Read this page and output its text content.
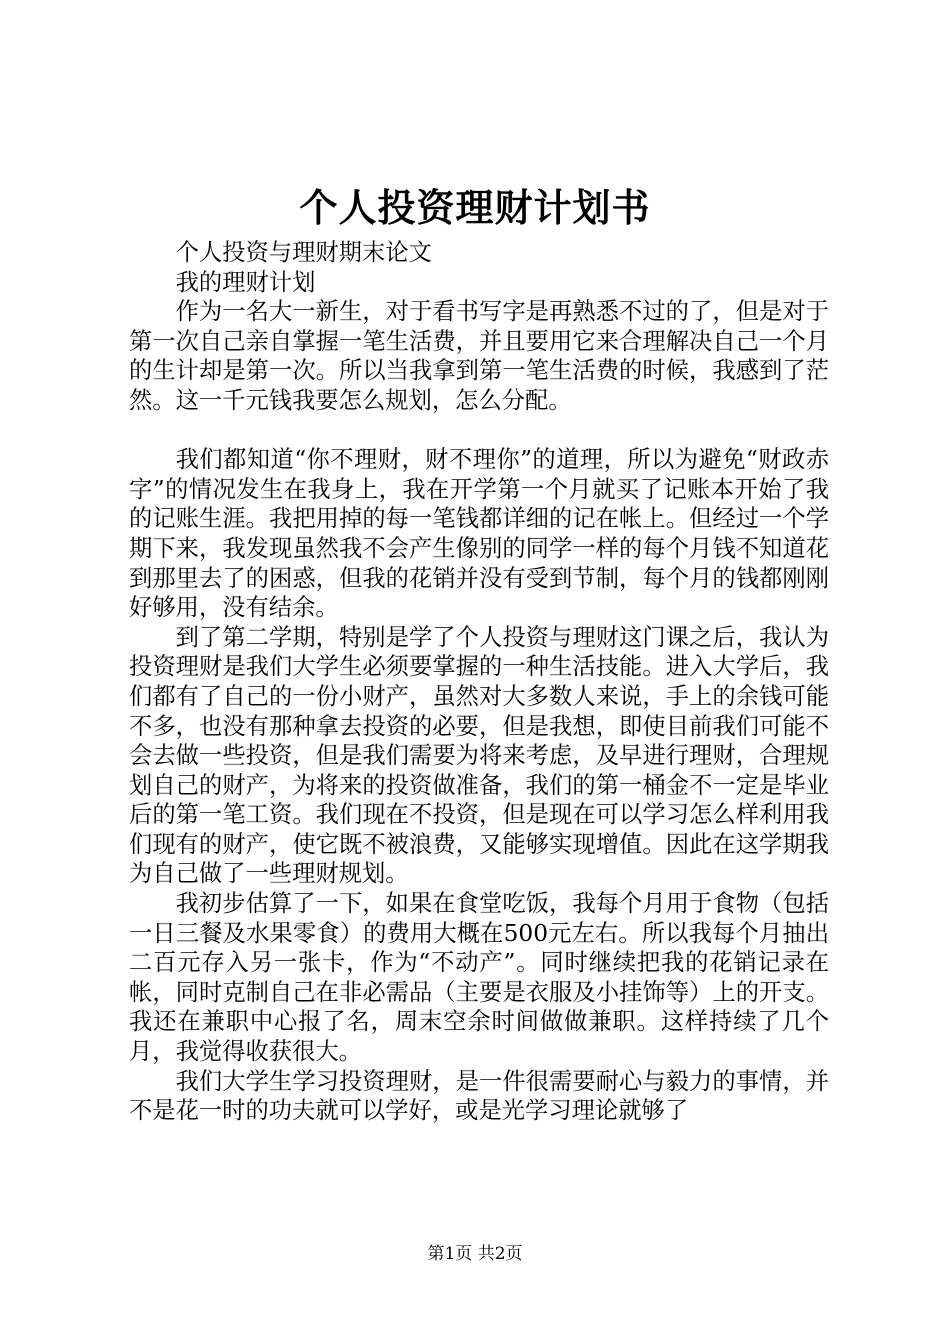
个人投资理财计划书

个人投资与理财期末论文

我的理财计划

作为一名大一新生，对于看书写字是再熟悉不过的了，但是对于第一次自己亲自掌握一笔生活费，并且要用它来合理解决自己一个月的生计却是第一次。所以当我拿到第一笔生活费的时候，我感到了茫然。这一千元钱我要怎么规划，怎么分配。

我们都知道“你不理财，财不理你”的道理，所以为避免“财政赤字”的情况发生在我身上，我在开学第一个月就买了记账本开始了我的记账生涯。我把用掉的每一笔钱都详细的记在帐上。但经过一个学期下来，我发现虽然我不会产生像别的同学一样的每个月钱不知道花到那里去了的困惑，但我的花销并没有受到节制，每个月的钱都刚刚好够用，没有结余。

到了第二学期，特别是学了个人投资与理财这门课之后，我认为投资理财是我们大学生必须要掌握的一种生活技能。进入大学后，我们都有了自己的一份小财产，虽然对大多数人来说，手上的余钱可能不多，也没有那种拿去投资的必要，但是我想，即使目前我们可能不会去做一些投资，但是我们需要为将来考虑，及早进行理财，合理规划自己的财产，为将来的投资做准备，我们的第一桶金不一定是毕业后的第一笔工资。我们现在不投资，但是现在可以学习怎么样利用我们现有的财产，使它既不被浪费，又能够实现增值。因此在这学期我为自己做了一些理财规划。

我初步估算了一下，如果在食堂吃饭，我每个月用于食物（包括一日三餐及水果零食）的费用大概在500元左右。所以我每个月抽出二百元存入另一张卡，作为“不动产”。同时继续把我的花销记录在帐，同时克制自己在非必需品（主要是衣服及小挂饰等）上的开支。我还在兼职中心报了名，周末空余时间做做兼职。这样持续了几个月，我觉得收获很大。

我们大学生学习投资理财，是一件很需要耐心与毅力的事情，并不是花一时的功夫就可以学好，或是光学习理论就够了

第1页 共2页
